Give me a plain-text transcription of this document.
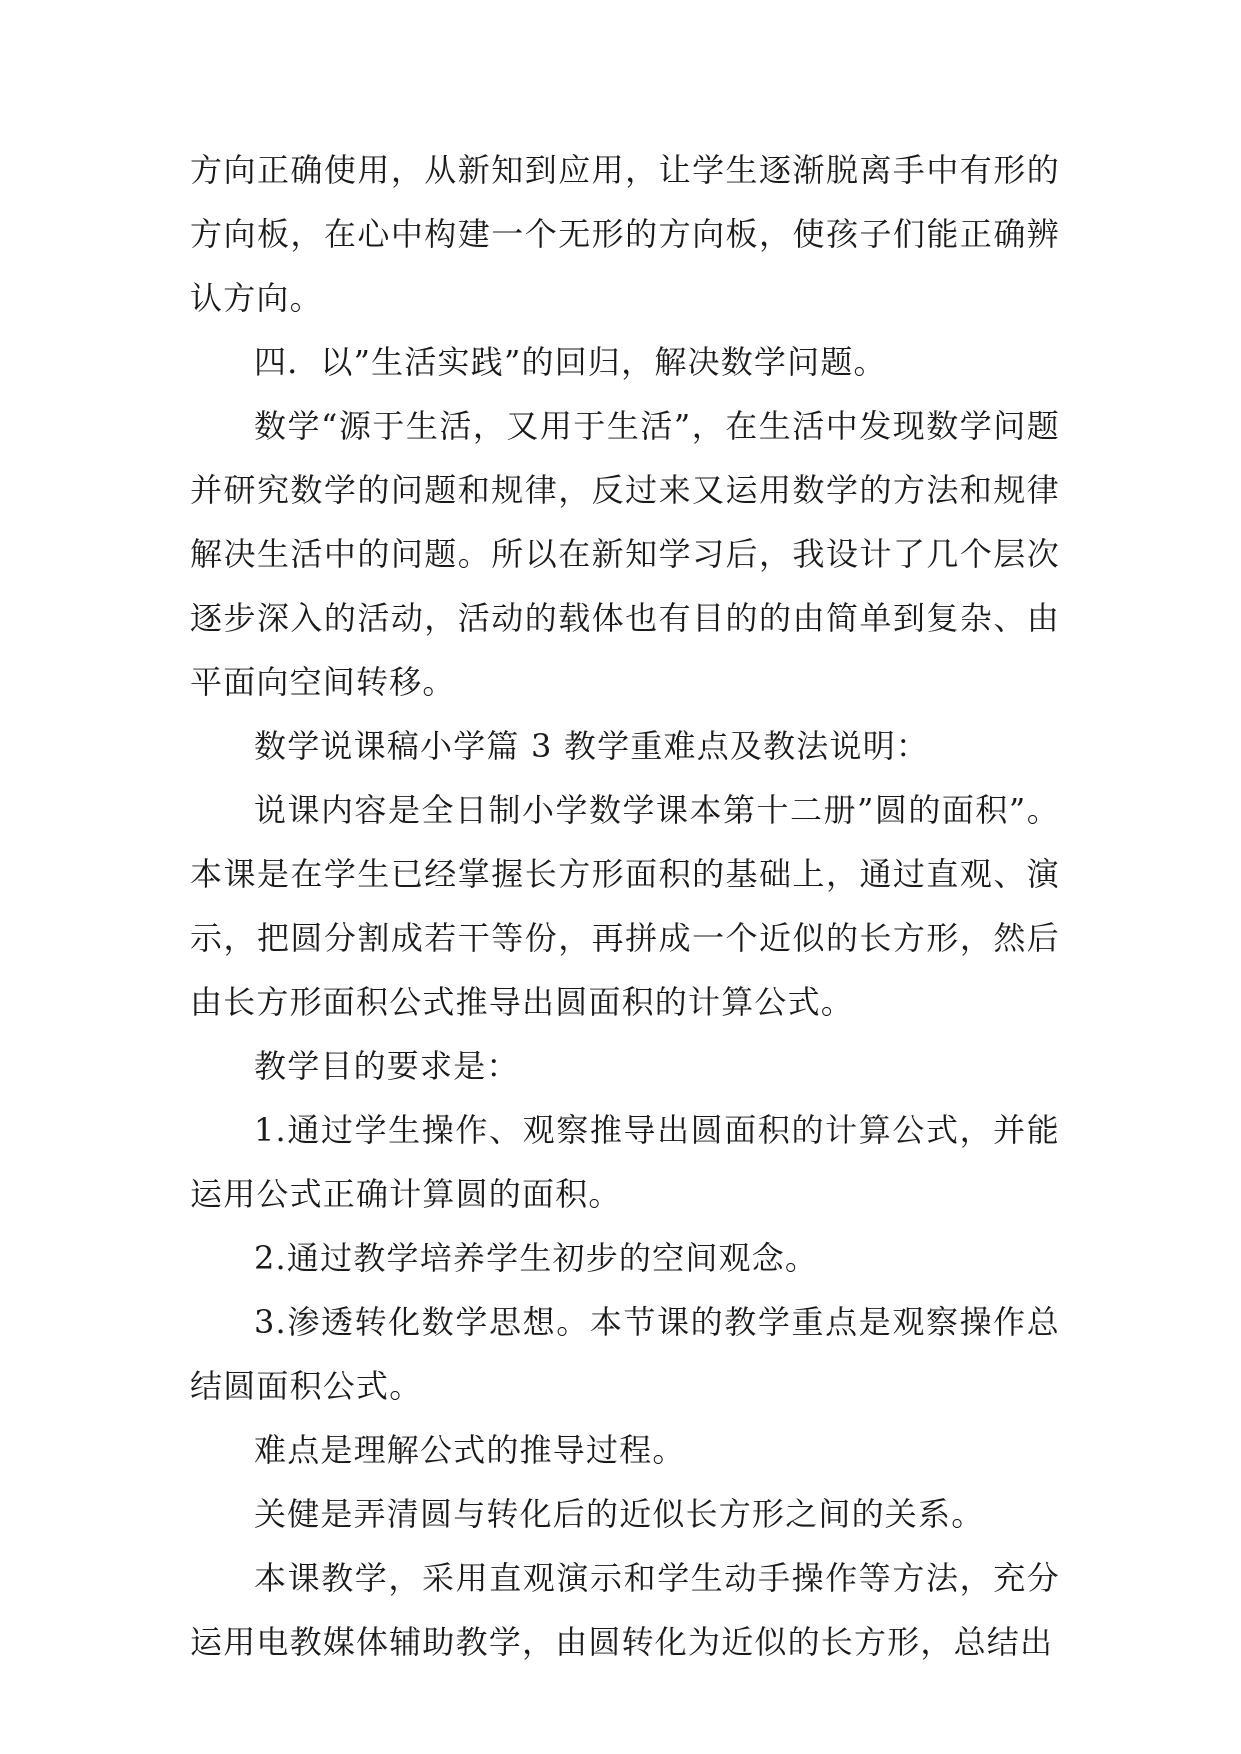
方向正确使用，从新知到应用，让学生逐渐脱离手中有形的方向板，在心中构建一个无形的方向板，使孩子们能正确辨认方向。

四．以”生活实践”的回归，解决数学问题。

数学“源于生活，又用于生活”，在生活中发现数学问题并研究数学的问题和规律，反过来又运用数学的方法和规律解决生活中的问题。所以在新知学习后，我设计了几个层次逐步深入的活动，活动的载体也有目的的由简单到复杂、由平面向空间转移。

数学说课稿小学篇 3 教学重难点及教法说明：

说课内容是全日制小学数学课本第十二册”圆的面积”。本课是在学生已经掌握长方形面积的基础上，通过直观、演示，把圆分割成若干等份，再拼成一个近似的长方形，然后由长方形面积公式推导出圆面积的计算公式。

教学目的要求是：

1.通过学生操作、观察推导出圆面积的计算公式，并能运用公式正确计算圆的面积。

2.通过教学培养学生初步的空间观念。

3.渗透转化数学思想。本节课的教学重点是观察操作总结圆面积公式。

难点是理解公式的推导过程。

关健是弄清圆与转化后的近似长方形之间的关系。

本课教学，采用直观演示和学生动手操作等方法，充分运用电教媒体辅助教学，由圆转化为近似的长方形，总结出
